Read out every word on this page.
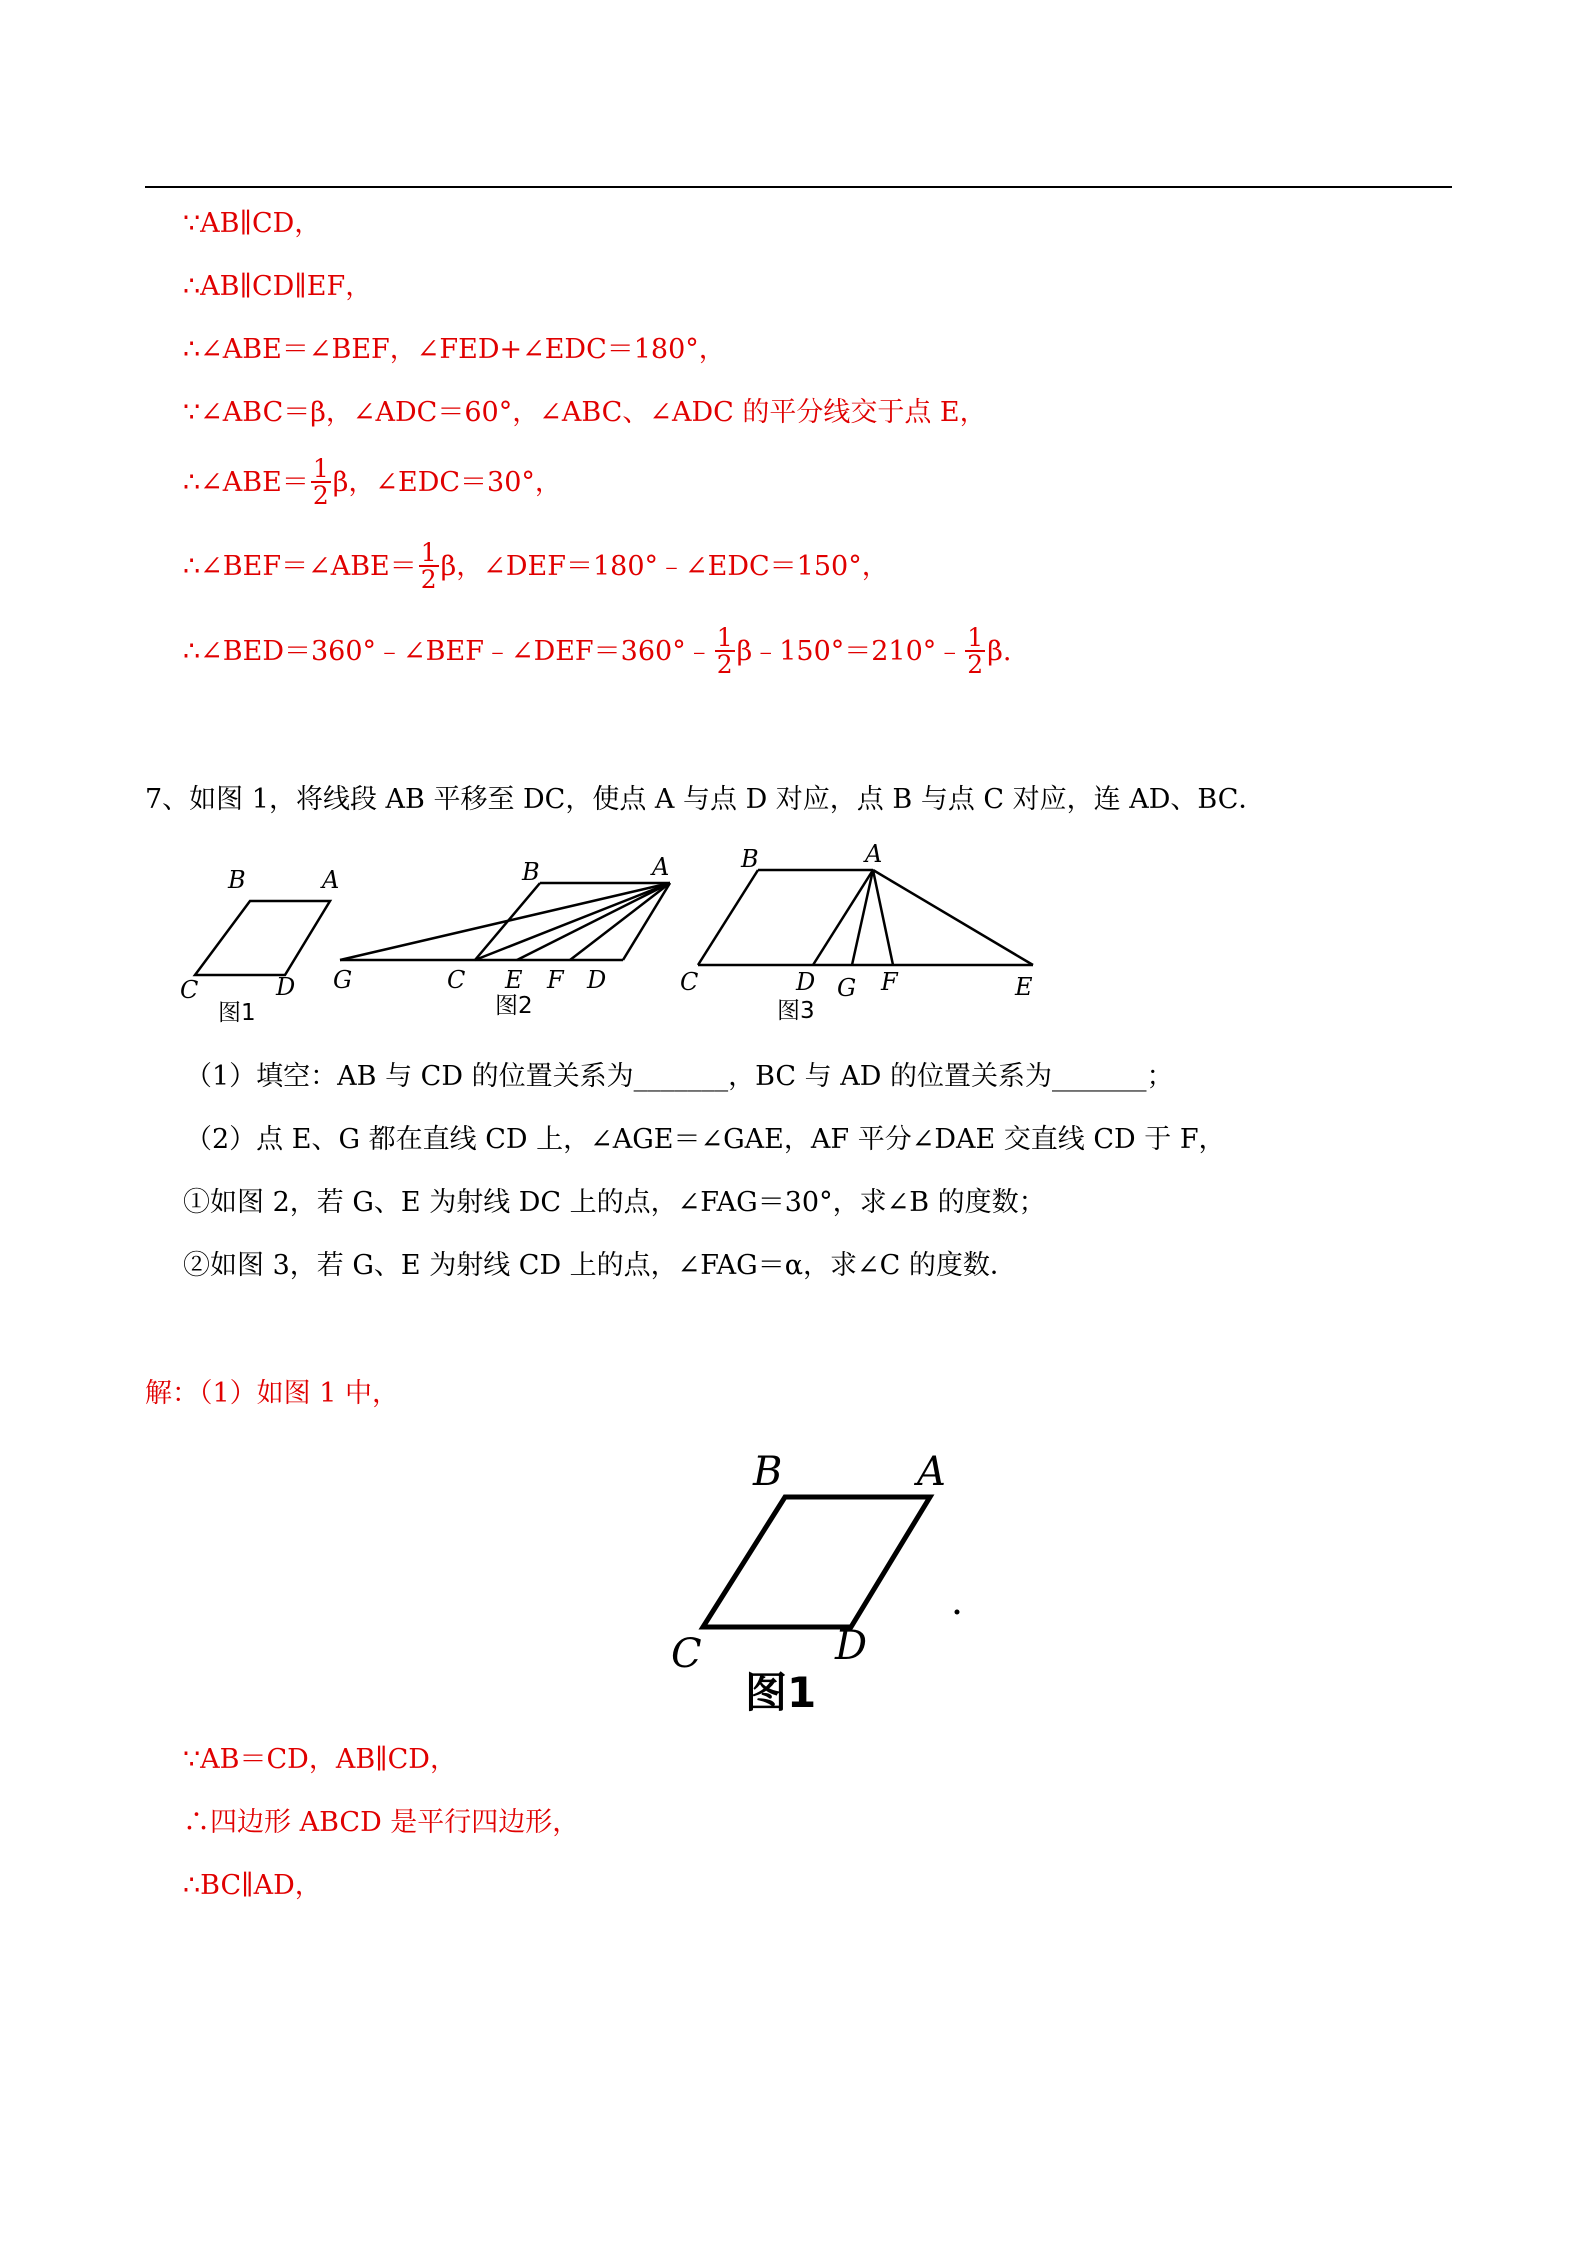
∵AB∥CD，
∴AB∥CD∥EF，
∴∠ABE＝∠BEF，∠FED+∠EDC＝180°，
∵∠ABC＝β，∠ADC＝60°，∠ABC、∠ADC 的平分线交于点 E，
∴∠ABE＝ $\frac{1}{2}$ β，∠EDC＝30°，
∴∠BEF＝∠ABE＝ $\frac{1}{2}$ β，∠DEF＝180°﹣∠EDC＝150°，
∴∠BED＝360°﹣∠BEF﹣∠DEF＝360°﹣ $\frac{1}{2}$ β﹣150°＝210°﹣ $\frac{1}{2} \beta$.
7、如图 1，将线段 AB 平移至 DC，使点 A 与点 D 对应，点 B 与点 C 对应，连 AD、BC．
B	A
C	D
图1
B	A
G	C E F D
图2
B	A
C	D G F	E
图3
（1）填空：AB 与 CD 的位置关系为_______，BC 与 AD 的位置关系为_______；
（2）点 E、G 都在直线 CD 上，∠AGE＝∠GAE，AF 平分∠DAE 交直线 CD 于 F，
①如图 2，若 G、E 为射线 DC 上的点，∠FAG＝30°，求∠B 的度数；
②如图 3，若 G、E 为射线 CD 上的点，∠FAG＝α，求∠C 的度数．
解：（1）如图 1 中，
B	A
C	D
图1
∵AB＝CD，AB∥CD，
∴四边形 ABCD 是平行四边形，
∴BC∥AD，
